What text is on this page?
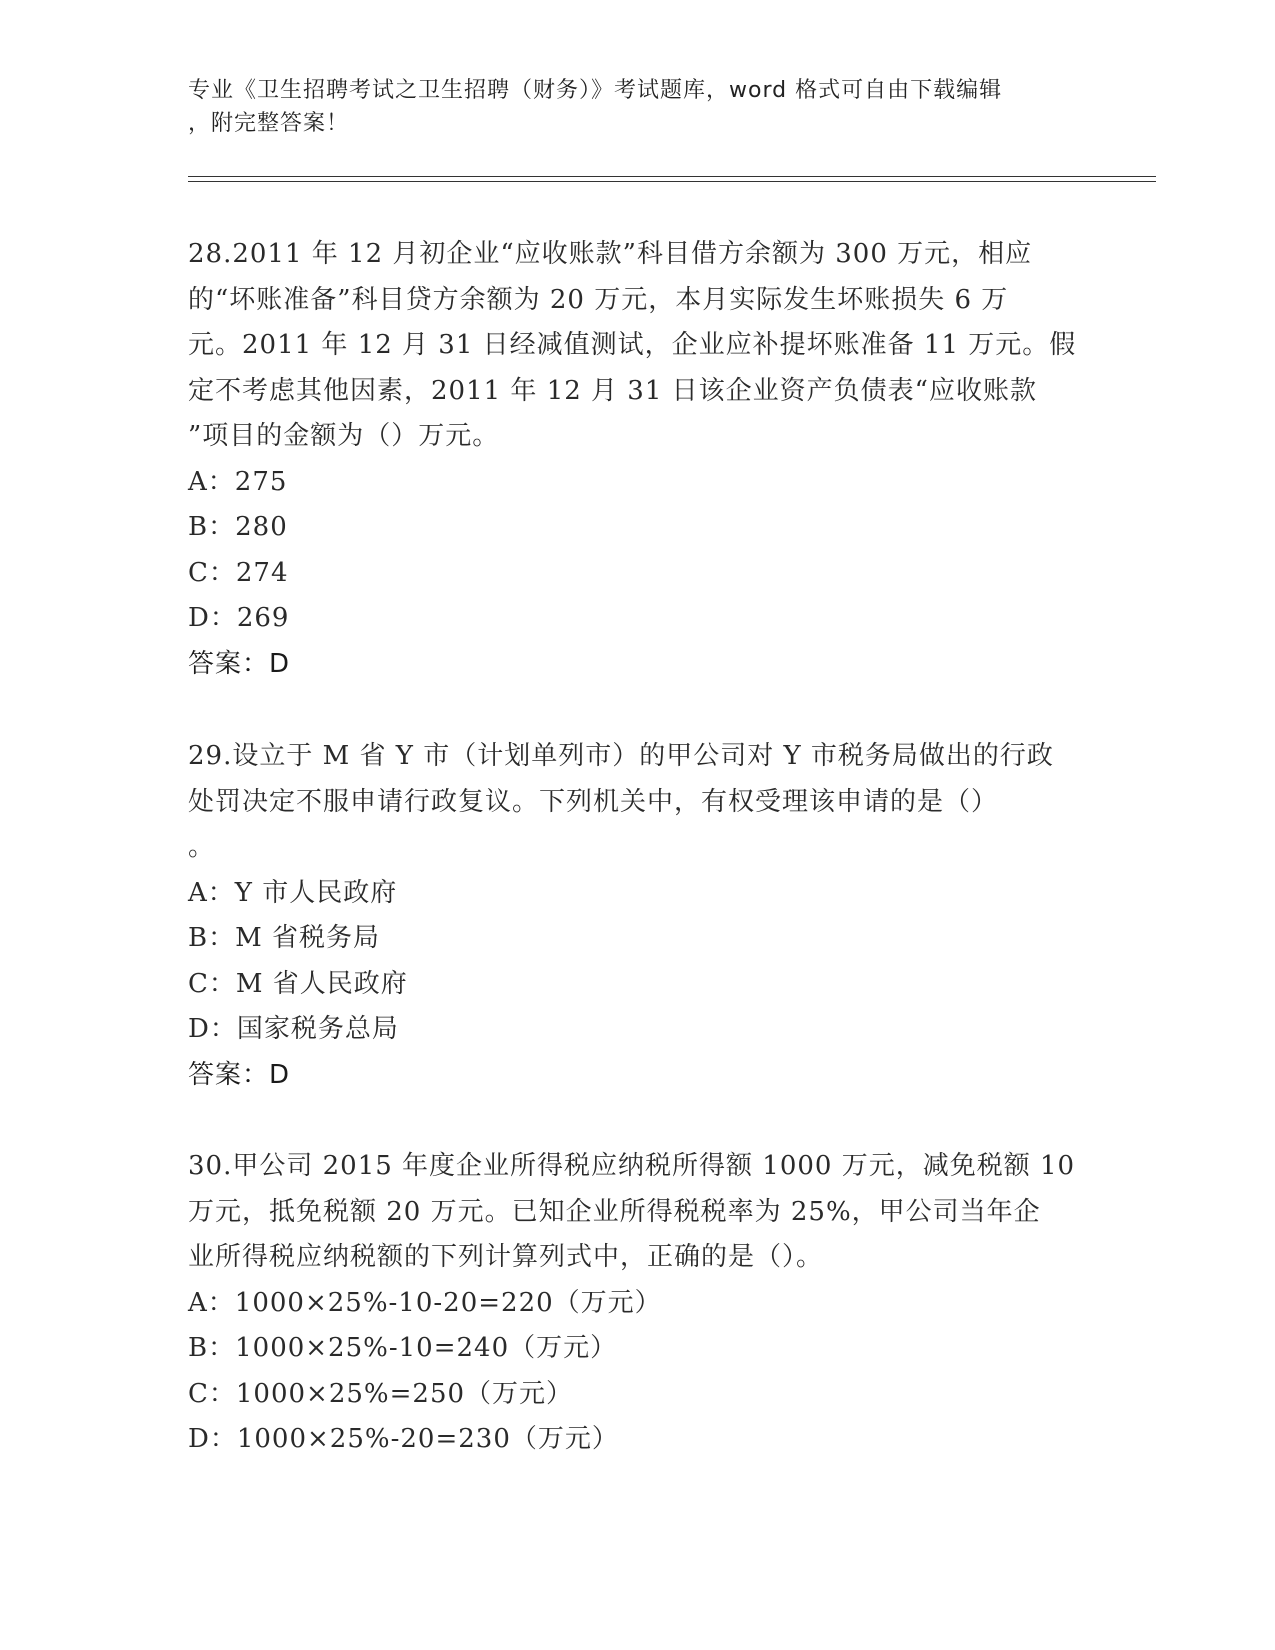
专业《卫生招聘考试之卫生招聘（财务）》考试题库，word 格式可自由下载编辑
，附完整答案！
28.2011 年 12 月初企业“应收账款”科目借方余额为 300 万元，相应
的“坏账准备”科目贷方余额为 20 万元，本月实际发生坏账损失 6 万
元。2011 年 12 月 31 日经减值测试，企业应补提坏账准备 11 万元。假
定不考虑其他因素，2011 年 12 月 31 日该企业资产负债表“应收账款
”项目的金额为（）万元。

A：275

B：280

C：274

D：269

答案：D

29.设立于 M 省 Y 市（计划单列市）的甲公司对 Y 市税务局做出的行政
处罚决定不服申请行政复议。下列机关中，有权受理该申请的是（）
。

A：Y 市人民政府

B：M 省税务局

C：M 省人民政府

D：国家税务总局

答案：D

30.甲公司 2015 年度企业所得税应纳税所得额 1000 万元，减免税额 10
万元，抵免税额 20 万元。已知企业所得税税率为 25%，甲公司当年企
业所得税应纳税额的下列计算列式中，正确的是（）。

A：1000×25%-10-20=220（万元）

B：1000×25%-10=240（万元）

C：1000×25%=250（万元）

D：1000×25%-20=230（万元）
